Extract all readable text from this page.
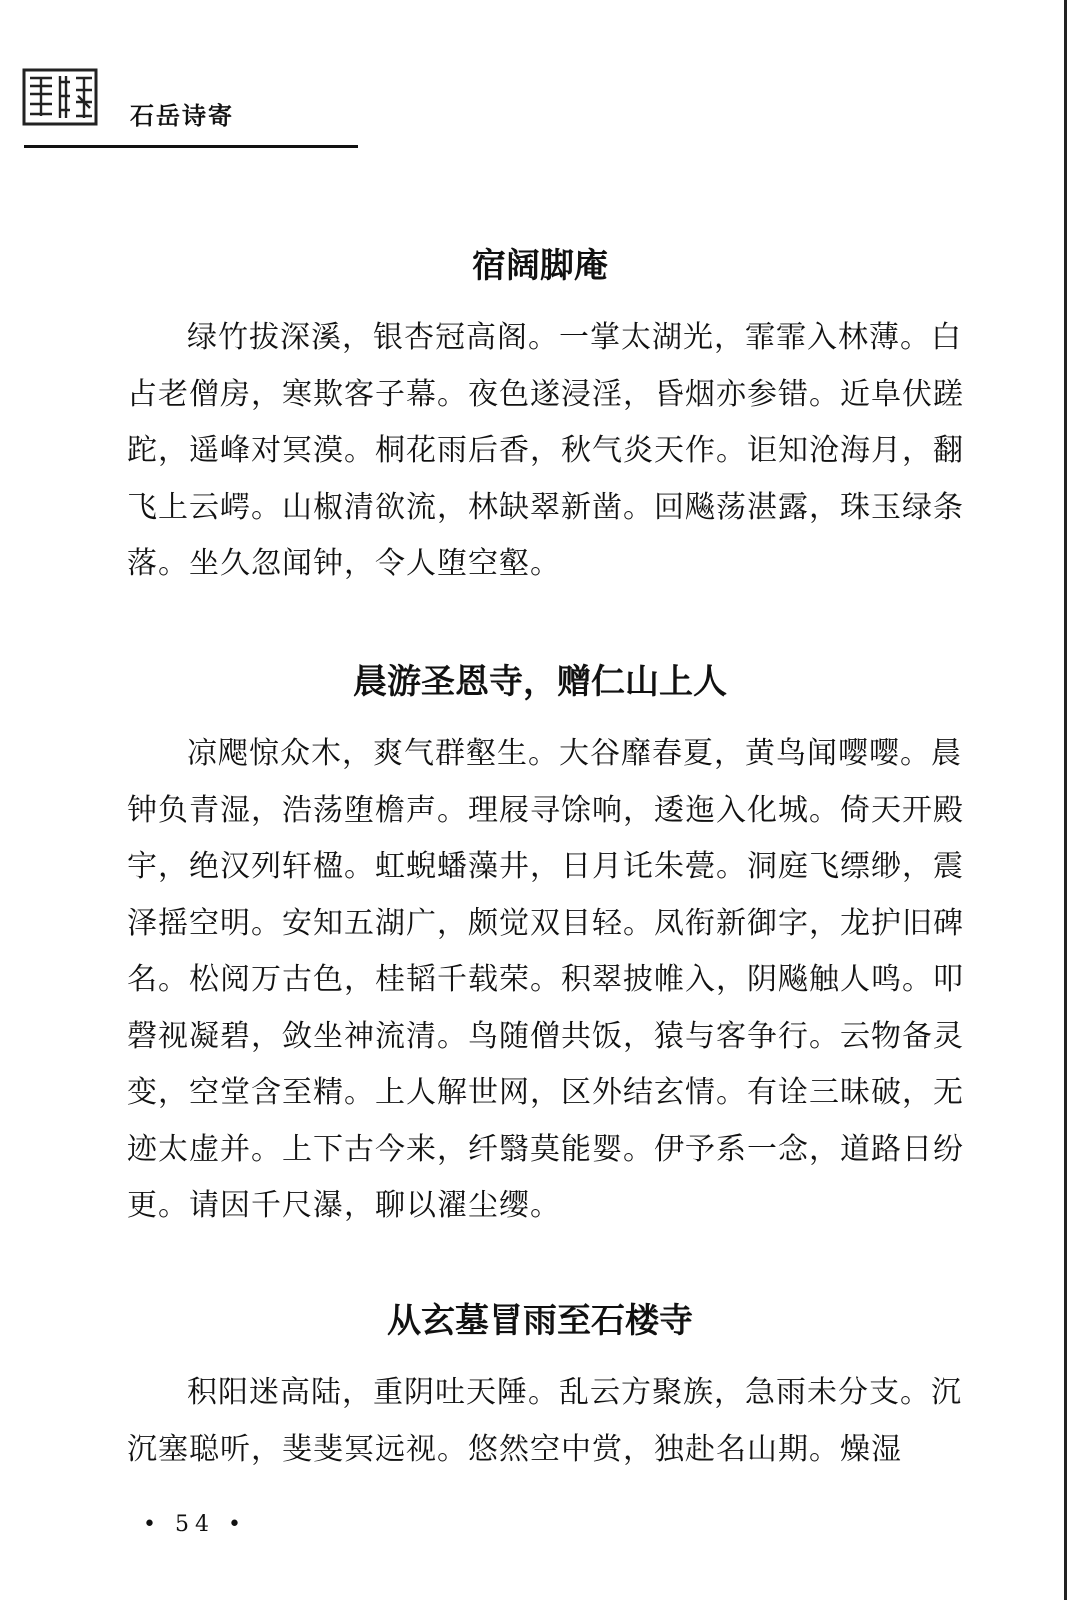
石岳诗寄
宿阔脚庵

绿竹拔深溪，银杏冠高阁。一掌太湖光，霏霏入林薄。白占老僧房，寒欺客子幕。夜色遂浸淫，昏烟亦参错。近阜伏蹉跎，遥峰对冥漠。桐花雨后香，秋气炎天作。讵知沧海月，翻飞上云崿。山椒清欲流，林缺翠新凿。回飚荡湛露，珠玉绿条落。坐久忽闻钟，令人堕空壑。

晨游圣恩寺，赠仁山上人

凉飔惊众木，爽气群壑生。大谷靡春夏，黄鸟闻嘤嘤。晨钟负青湿，浩荡堕檐声。理屐寻馀响，逶迤入化城。倚天开殿宇，绝汉列轩楹。虹蜺蟠藻井，日月讬朱甍。洞庭飞缥缈，震泽摇空明。安知五湖广，颇觉双目轻。凤衔新御字，龙护旧碑名。松阅万古色，桂韬千载荣。积翠披帷入，阴飚触人鸣。叩磬视凝碧，敛坐神流清。鸟随僧共饭，猿与客争行。云物备灵变，空堂含至精。上人解世网，区外结玄情。有诠三昧破，无迹太虚并。上下古今来，纤翳莫能婴。伊予系一念，道路日纷更。请因千尺瀑，聊以濯尘缨。

从玄墓冒雨至石楼寺

积阳迷高陆，重阴吐天陲。乱云方聚族，急雨未分支。沉沉塞聪听，斐斐冥远视。悠然空中赏，独赴名山期。燥湿

• 54 •
